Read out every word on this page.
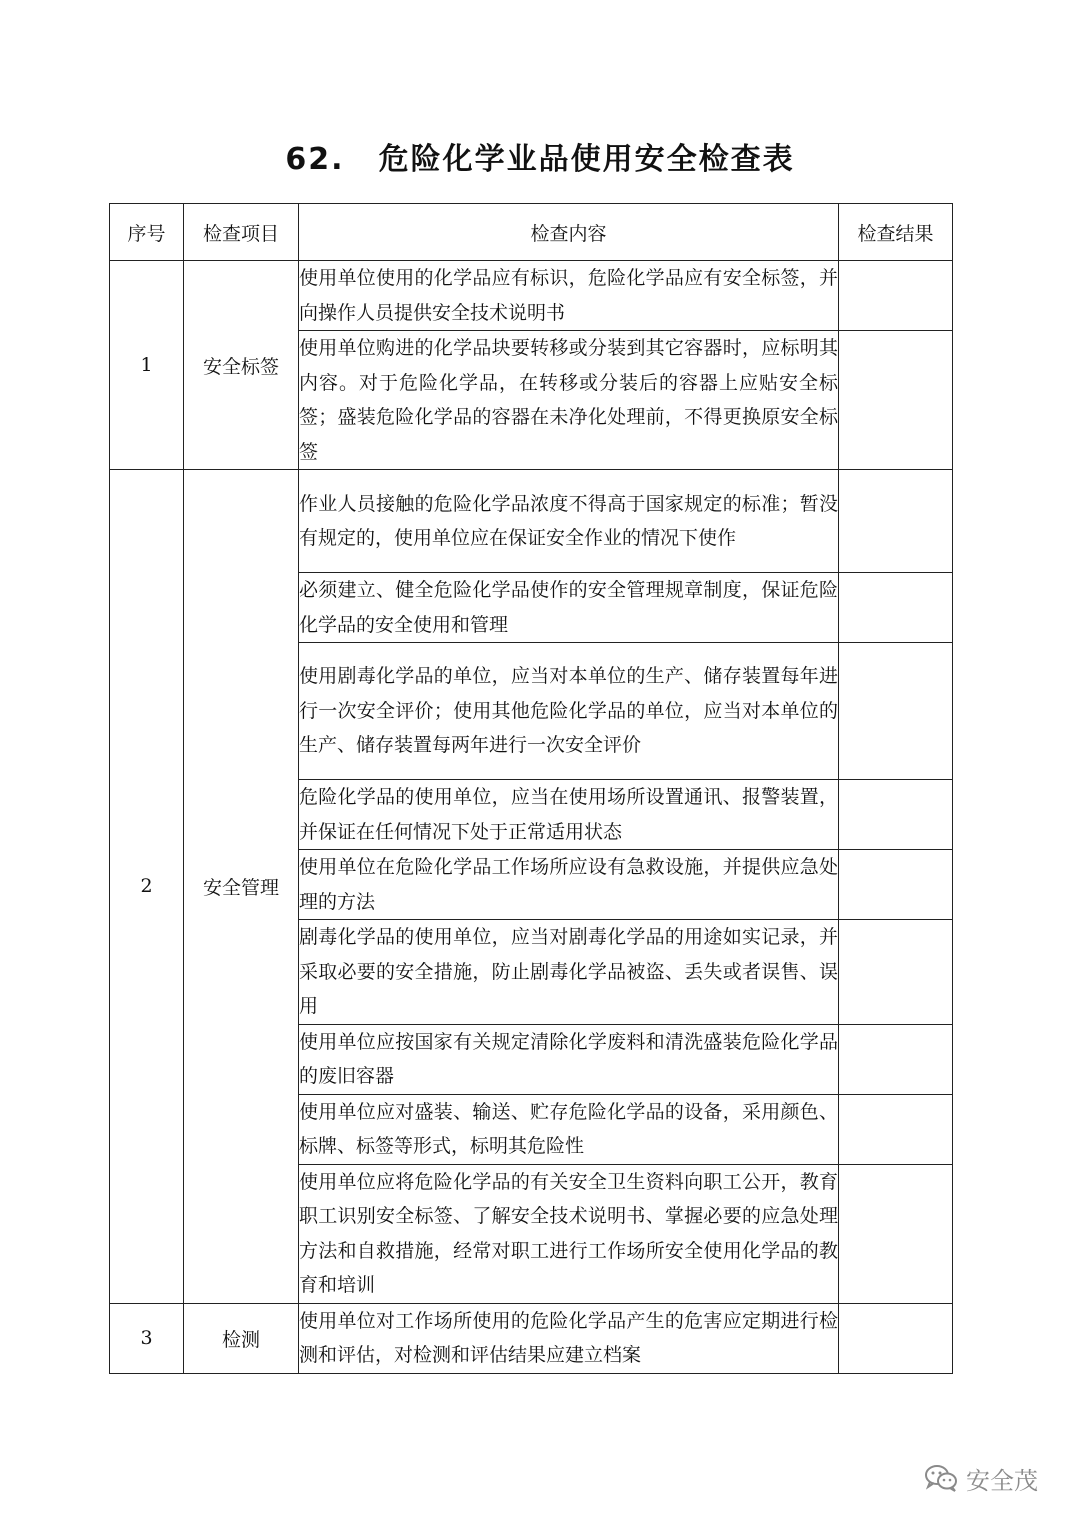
62. 危险化学业品使用安全检查表
序号	检查项目	检查内容	检查结果
1	安全标签	使用单位使用的化学品应有标识，危险化学品应有安全标签，并向操作人员提供安全技术说明书	
		使用单位购进的化学品块要转移或分装到其它容器时，应标明其内容。对于危险化学品，在转移或分装后的容器上应贴安全标签；盛装危险化学品的容器在未净化处理前，不得更换原安全标签	
2	安全管理	作业人员接触的危险化学品浓度不得高于国家规定的标准；暂没有规定的，使用单位应在保证安全作业的情况下使作	
		必须建立、健全危险化学品使作的安全管理规章制度，保证危险化学品的安全使用和管理	
		使用剧毒化学品的单位，应当对本单位的生产、储存装置每年进行一次安全评价；使用其他危险化学品的单位，应当对本单位的生产、储存装置每两年进行一次安全评价	
		危险化学品的使用单位，应当在使用场所设置通讯、报警装置，并保证在任何情况下处于正常适用状态	
		使用单位在危险化学品工作场所应设有急救设施，并提供应急处理的方法	
		剧毒化学品的使用单位，应当对剧毒化学品的用途如实记录，并采取必要的安全措施，防止剧毒化学品被盗、丢失或者误售、误用	
		使用单位应按国家有关规定清除化学废料和清洗盛装危险化学品的废旧容器	
		使用单位应对盛装、输送、贮存危险化学品的设备，采用颜色、标牌、标签等形式，标明其危险性	
		使用单位应将危险化学品的有关安全卫生资料向职工公开，教育职工识别安全标签、了解安全技术说明书、掌握必要的应急处理方法和自救措施，经常对职工进行工作场所安全使用化学品的教育和培训	
3	检测	使用单位对工作场所使用的危险化学品产生的危害应定期进行检测和评估，对检测和评估结果应建立档案	
安全茂
